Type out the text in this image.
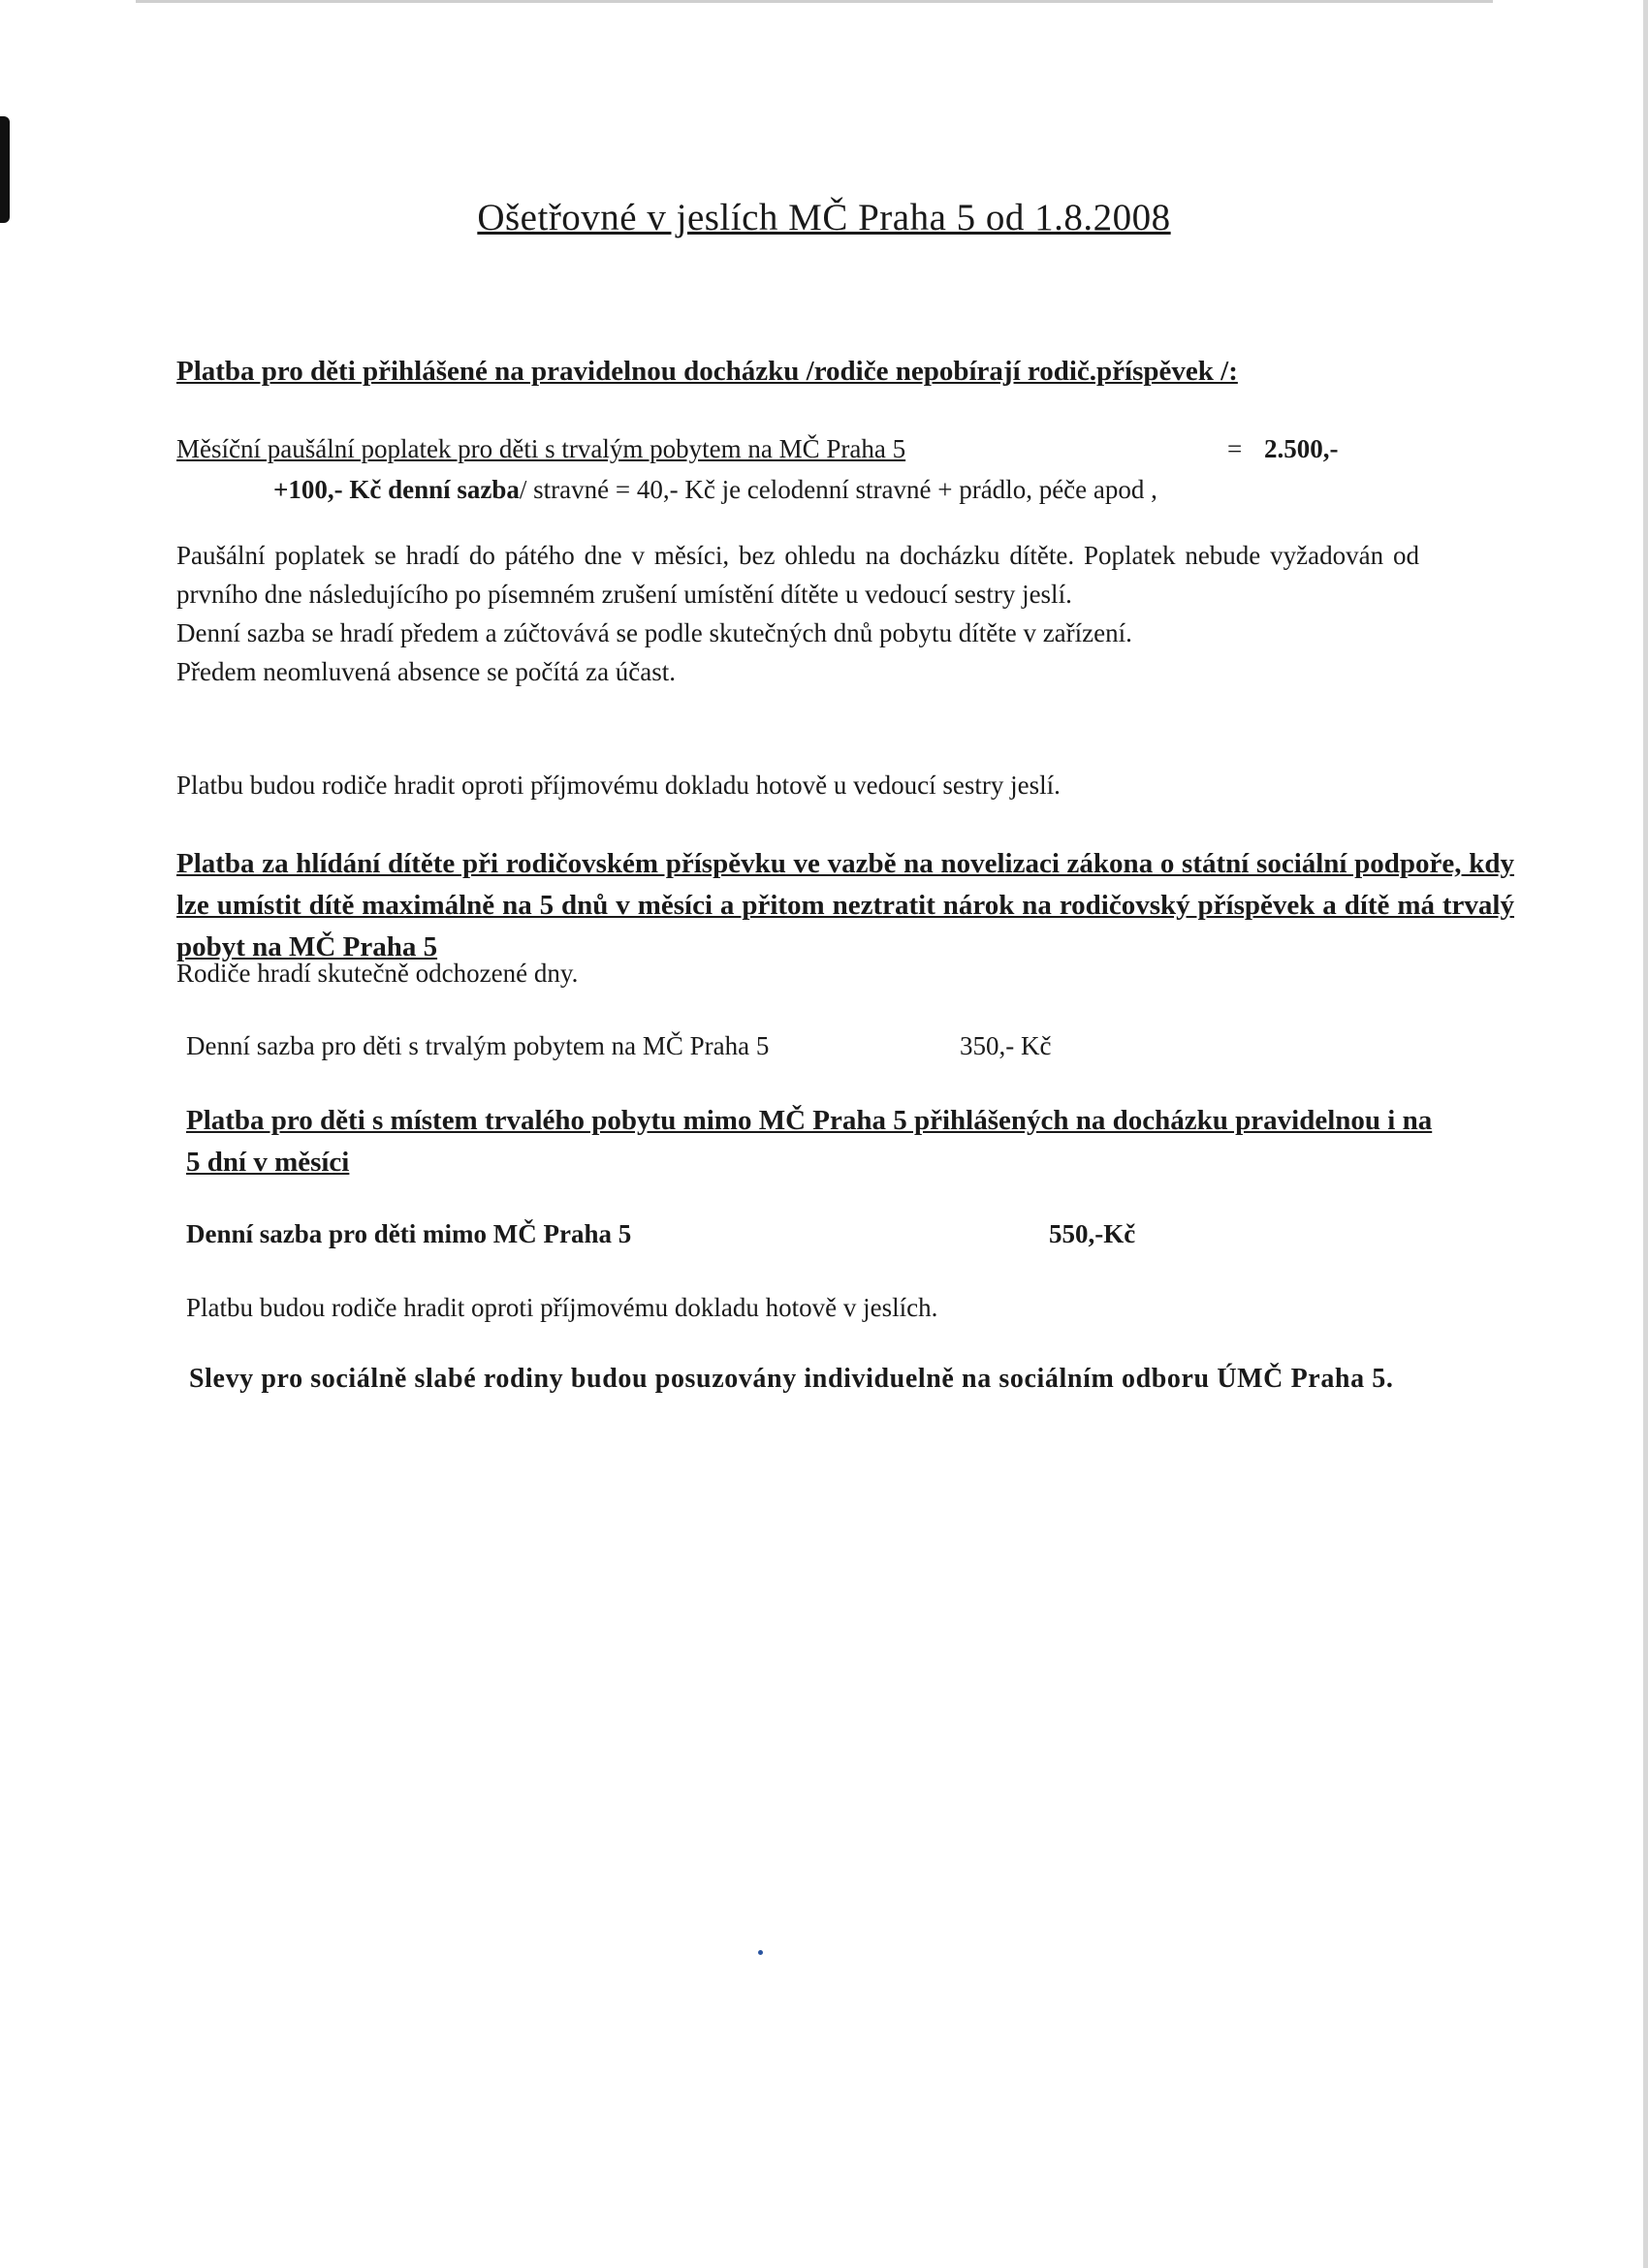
Ošetřovné v jeslích MČ Praha 5 od 1.8.2008

Platba pro děti přihlášené na pravidelnou docházku /rodiče nepobírají rodič.příspěvek /:

Měsíční paušální poplatek pro děti s trvalým pobytem na MČ Praha 5	= 2.500,-
+100,- Kč denní sazba/ stravné = 40,- Kč je celodenní stravné + prádlo, péče apod ,

Paušální poplatek se hradí do pátého dne v měsíci, bez ohledu na docházku dítěte. Poplatek nebude vyžadován od prvního dne následujícího po písemném zrušení umístění dítěte u vedoucí sestry jeslí.

Denní sazba se hradí předem a zúčtovává se podle skutečných dnů pobytu dítěte v zařízení.

Předem neomluvená absence se počítá za účast.

Platbu budou rodiče hradit oproti příjmovému dokladu hotově u vedoucí sestry jeslí.

Platba za hlídání dítěte při rodičovském příspěvku ve vazbě na novelizaci zákona o státní sociální podpoře, kdy lze umístit dítě maximálně na 5 dnů v měsíci a přitom neztratit nárok na rodičovský příspěvek a dítě má trvalý pobyt na MČ Praha 5

Rodiče hradí skutečně odchozené dny.

Denní sazba pro děti s trvalým pobytem na MČ Praha 5	350,- Kč

Platba pro děti s místem trvalého pobytu mimo MČ Praha 5 přihlášených na docházku pravidelnou i na 5 dní v měsíci

Denní sazba pro děti mimo MČ Praha 5	550,-Kč

Platbu budou rodiče hradit oproti příjmovému dokladu hotově v jeslích.

Slevy pro sociálně slabé rodiny budou posuzovány individuelně na sociálním odboru ÚMČ Praha 5.
